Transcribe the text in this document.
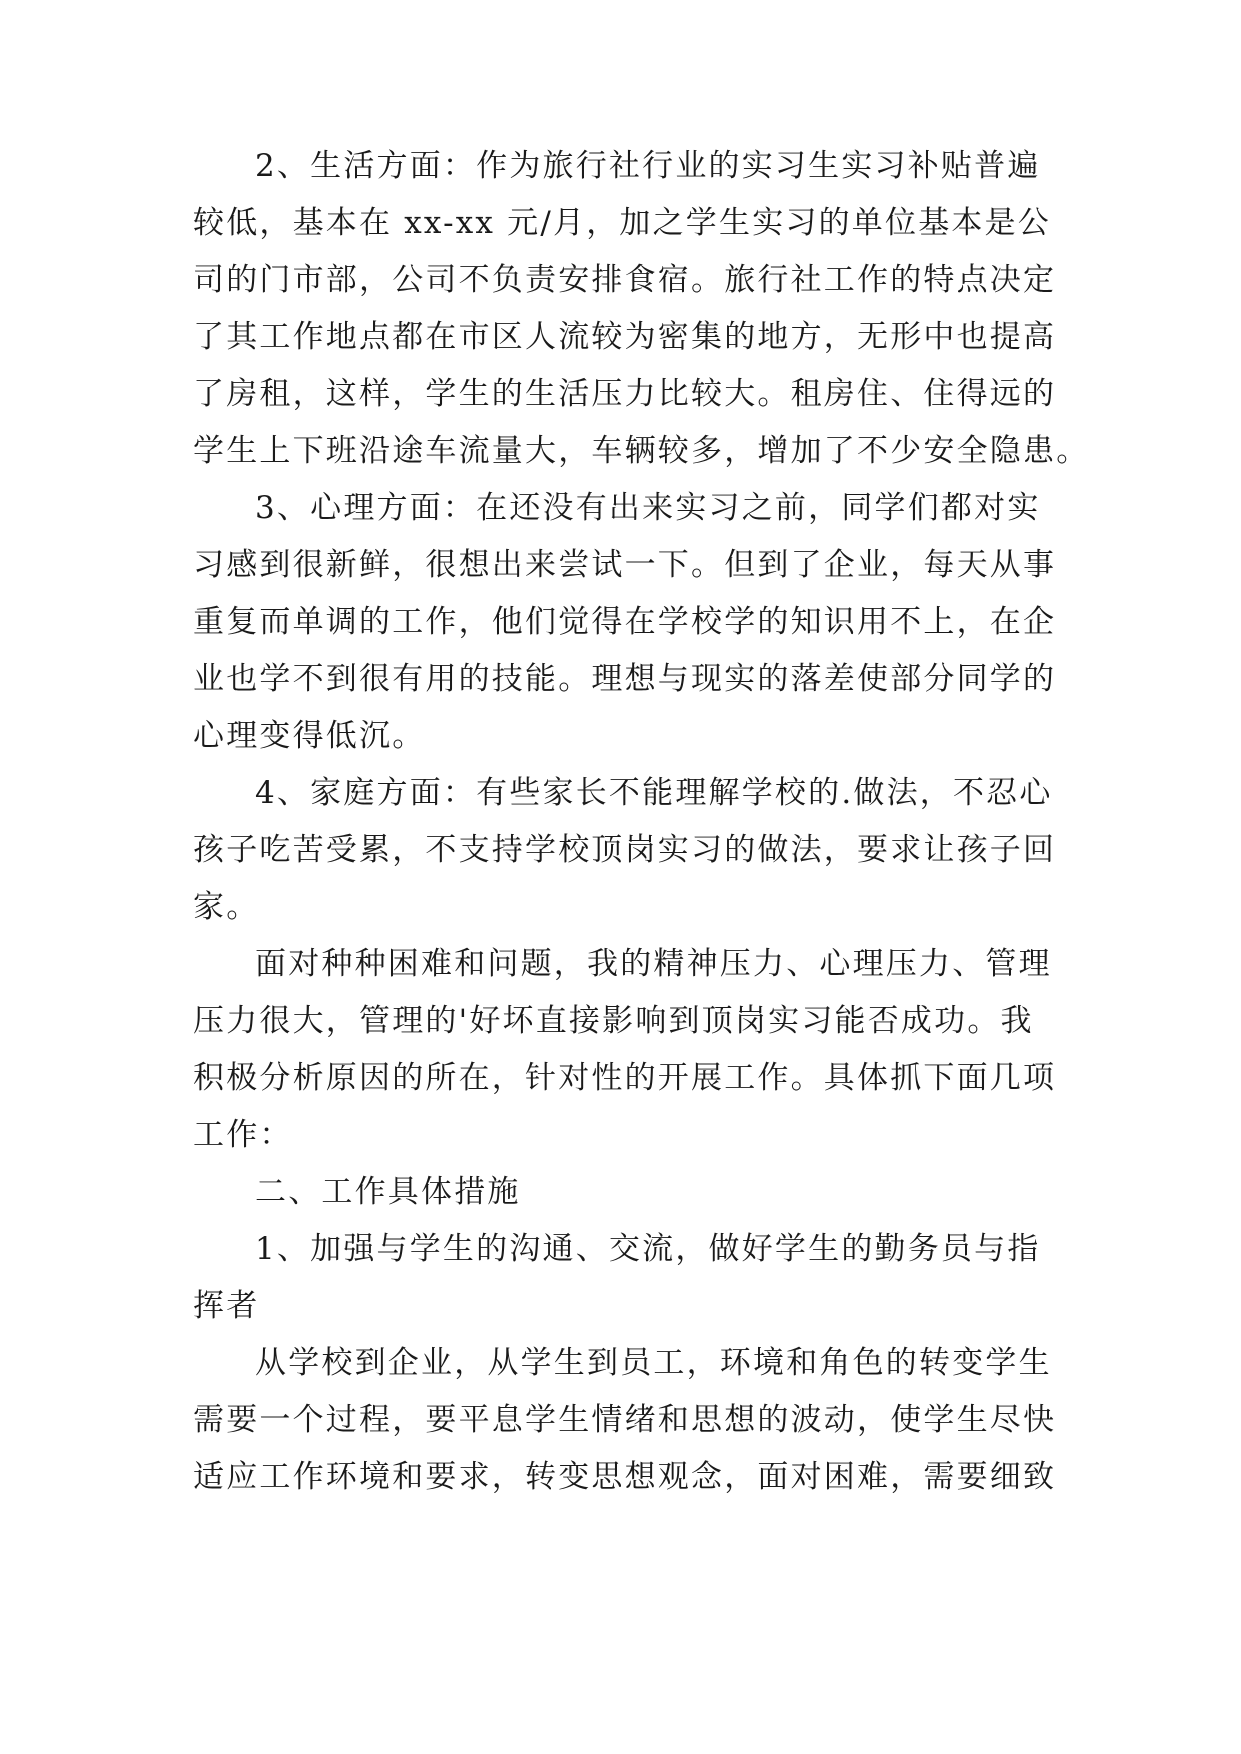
2、生活方面：作为旅行社行业的实习生实习补贴普遍
较低，基本在 xx-xx 元/月，加之学生实习的单位基本是公
司的门市部，公司不负责安排食宿。旅行社工作的特点决定
了其工作地点都在市区人流较为密集的地方，无形中也提高
了房租，这样，学生的生活压力比较大。租房住、住得远的
学生上下班沿途车流量大，车辆较多，增加了不少安全隐患。
3、心理方面：在还没有出来实习之前，同学们都对实
习感到很新鲜，很想出来尝试一下。但到了企业，每天从事
重复而单调的工作，他们觉得在学校学的知识用不上，在企
业也学不到很有用的技能。理想与现实的落差使部分同学的
心理变得低沉。
4、家庭方面：有些家长不能理解学校的.做法，不忍心
孩子吃苦受累，不支持学校顶岗实习的做法，要求让孩子回
家。
面对种种困难和问题，我的精神压力、心理压力、管理
压力很大，管理的'好坏直接影响到顶岗实习能否成功。我
积极分析原因的所在，针对性的开展工作。具体抓下面几项
工作：
二、工作具体措施
1、加强与学生的沟通、交流，做好学生的勤务员与指
挥者
从学校到企业，从学生到员工，环境和角色的转变学生
需要一个过程，要平息学生情绪和思想的波动，使学生尽快
适应工作环境和要求，转变思想观念，面对困难，需要细致
